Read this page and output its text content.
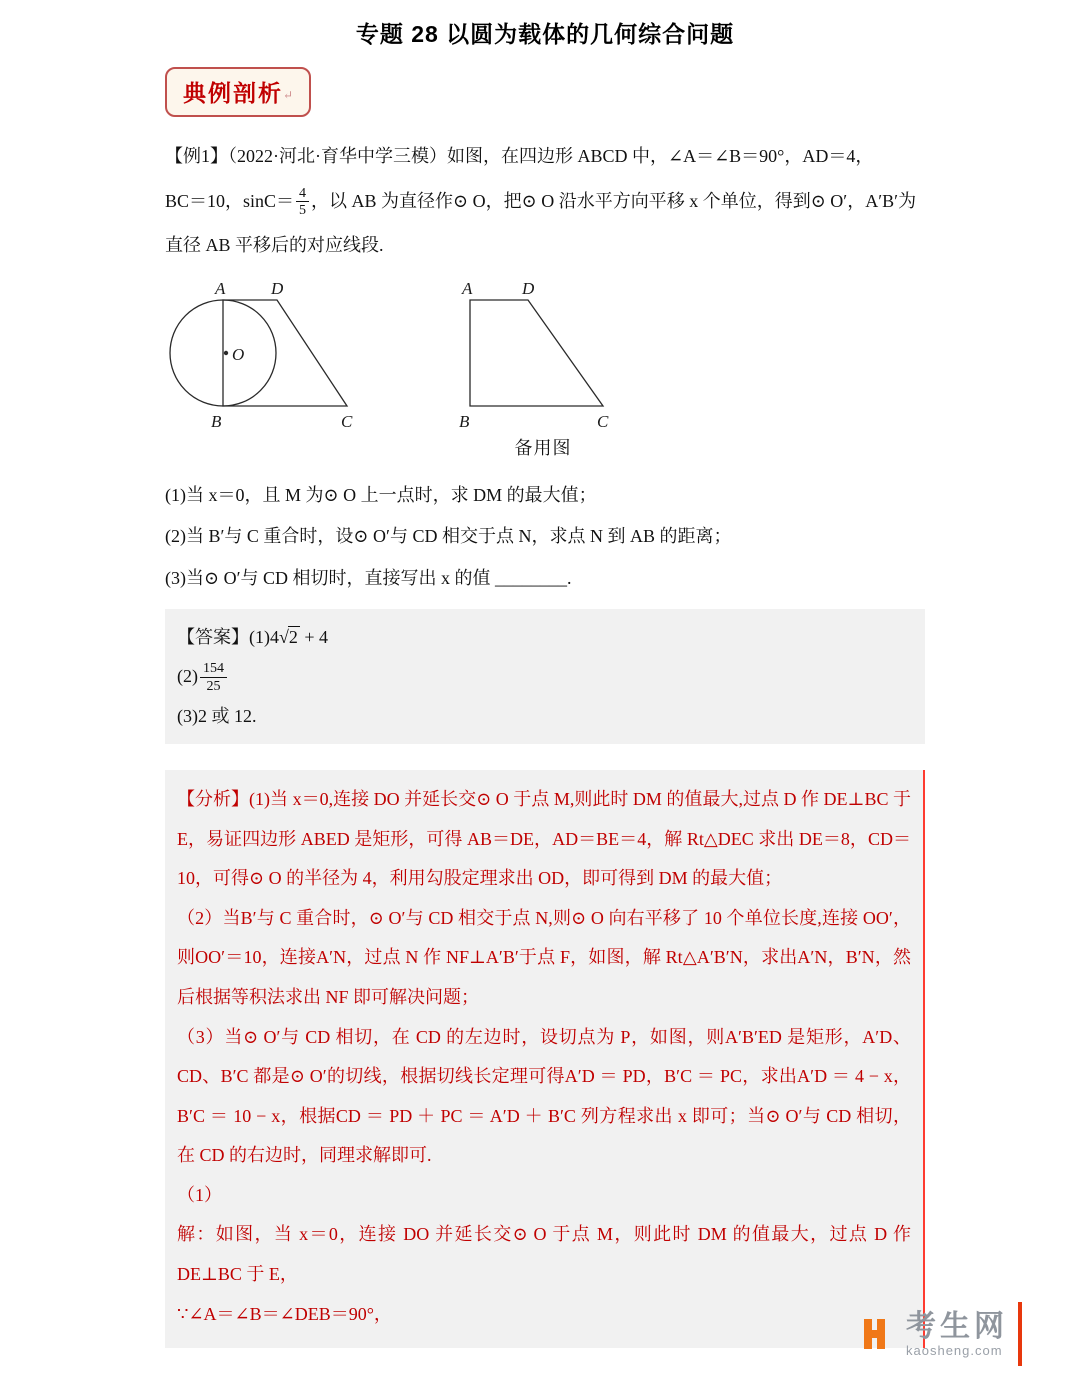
专题 28 以圆为载体的几何综合问题
典例剖析↵

【例1】（2022·河北·育华中学三模）如图，在四边形 ABCD 中，∠A＝∠B＝90°，AD＝4，

BC＝10，$\sin C= \frac{4}{5}$ ，以 AB 为直径作⊙ O，把⊙ O 沿水平方向平移 x 个单位，得到⊙ O′，A′B′为

直径 AB 平移后的对应线段.

A	D
B	C
O
A	D
B	C
备用图

(1)当 x＝0，且 M 为⊙ O 上一点时，求 DM 的最大值；

(2)当 B′与 C 重合时，设⊙ O′与 CD 相交于点 N，求点 N 到 AB 的距离；

(3)当⊙ O′与 CD 相切时，直接写出 x 的值 ________.

【答案】(1)4√2 + 4
$(2) \frac{154}{25}$
(3)2 或 12.

【分析】(1)当 x＝0,连接 DO 并延长交⊙ O 于点 M,则此时 DM 的值最大,过点 D 作 DE⊥BC 于 E，易证四边形 ABED 是矩形，可得 AB＝DE，AD＝BE＝4，解 Rt△DEC 求出 DE＝8，CD＝10，可得⊙ O 的半径为 4，利用勾股定理求出 OD，即可得到 DM 的最大值；

（2）当B′与 C 重合时，⊙ O′与 CD 相交于点 N,则⊙ O 向右平移了 10 个单位长度,连接 OO′，则OO′＝10，连接A′N，过点 N 作 NF⊥A′B′于点 F，如图，解 Rt△A′B′N，求出A′N，B′N，然后根据等积法求出 NF 即可解决问题；

（3）当⊙ O′与 CD 相切，在 CD 的左边时，设切点为 P，如图，则A′B′ED 是矩形，A′D、CD、B′C 都是⊙ O′的切线，根据切线长定理可得A′D ＝ PD，B′C ＝ PC，求出A′D ＝ 4 − x，B′C ＝ 10 − x，根据CD ＝ PD ＋ PC ＝ A′D ＋ B′C 列方程求出 x 即可；当⊙ O′与 CD 相切，在 CD 的右边时，同理求解即可.

（1）

解：如图，当 x＝0，连接 DO 并延长交⊙ O 于点 M，则此时 DM 的值最大，过点 D 作 DE⊥BC 于 E，

∵∠A＝∠B＝∠DEB＝90°，	考生网
kaosheng.com
